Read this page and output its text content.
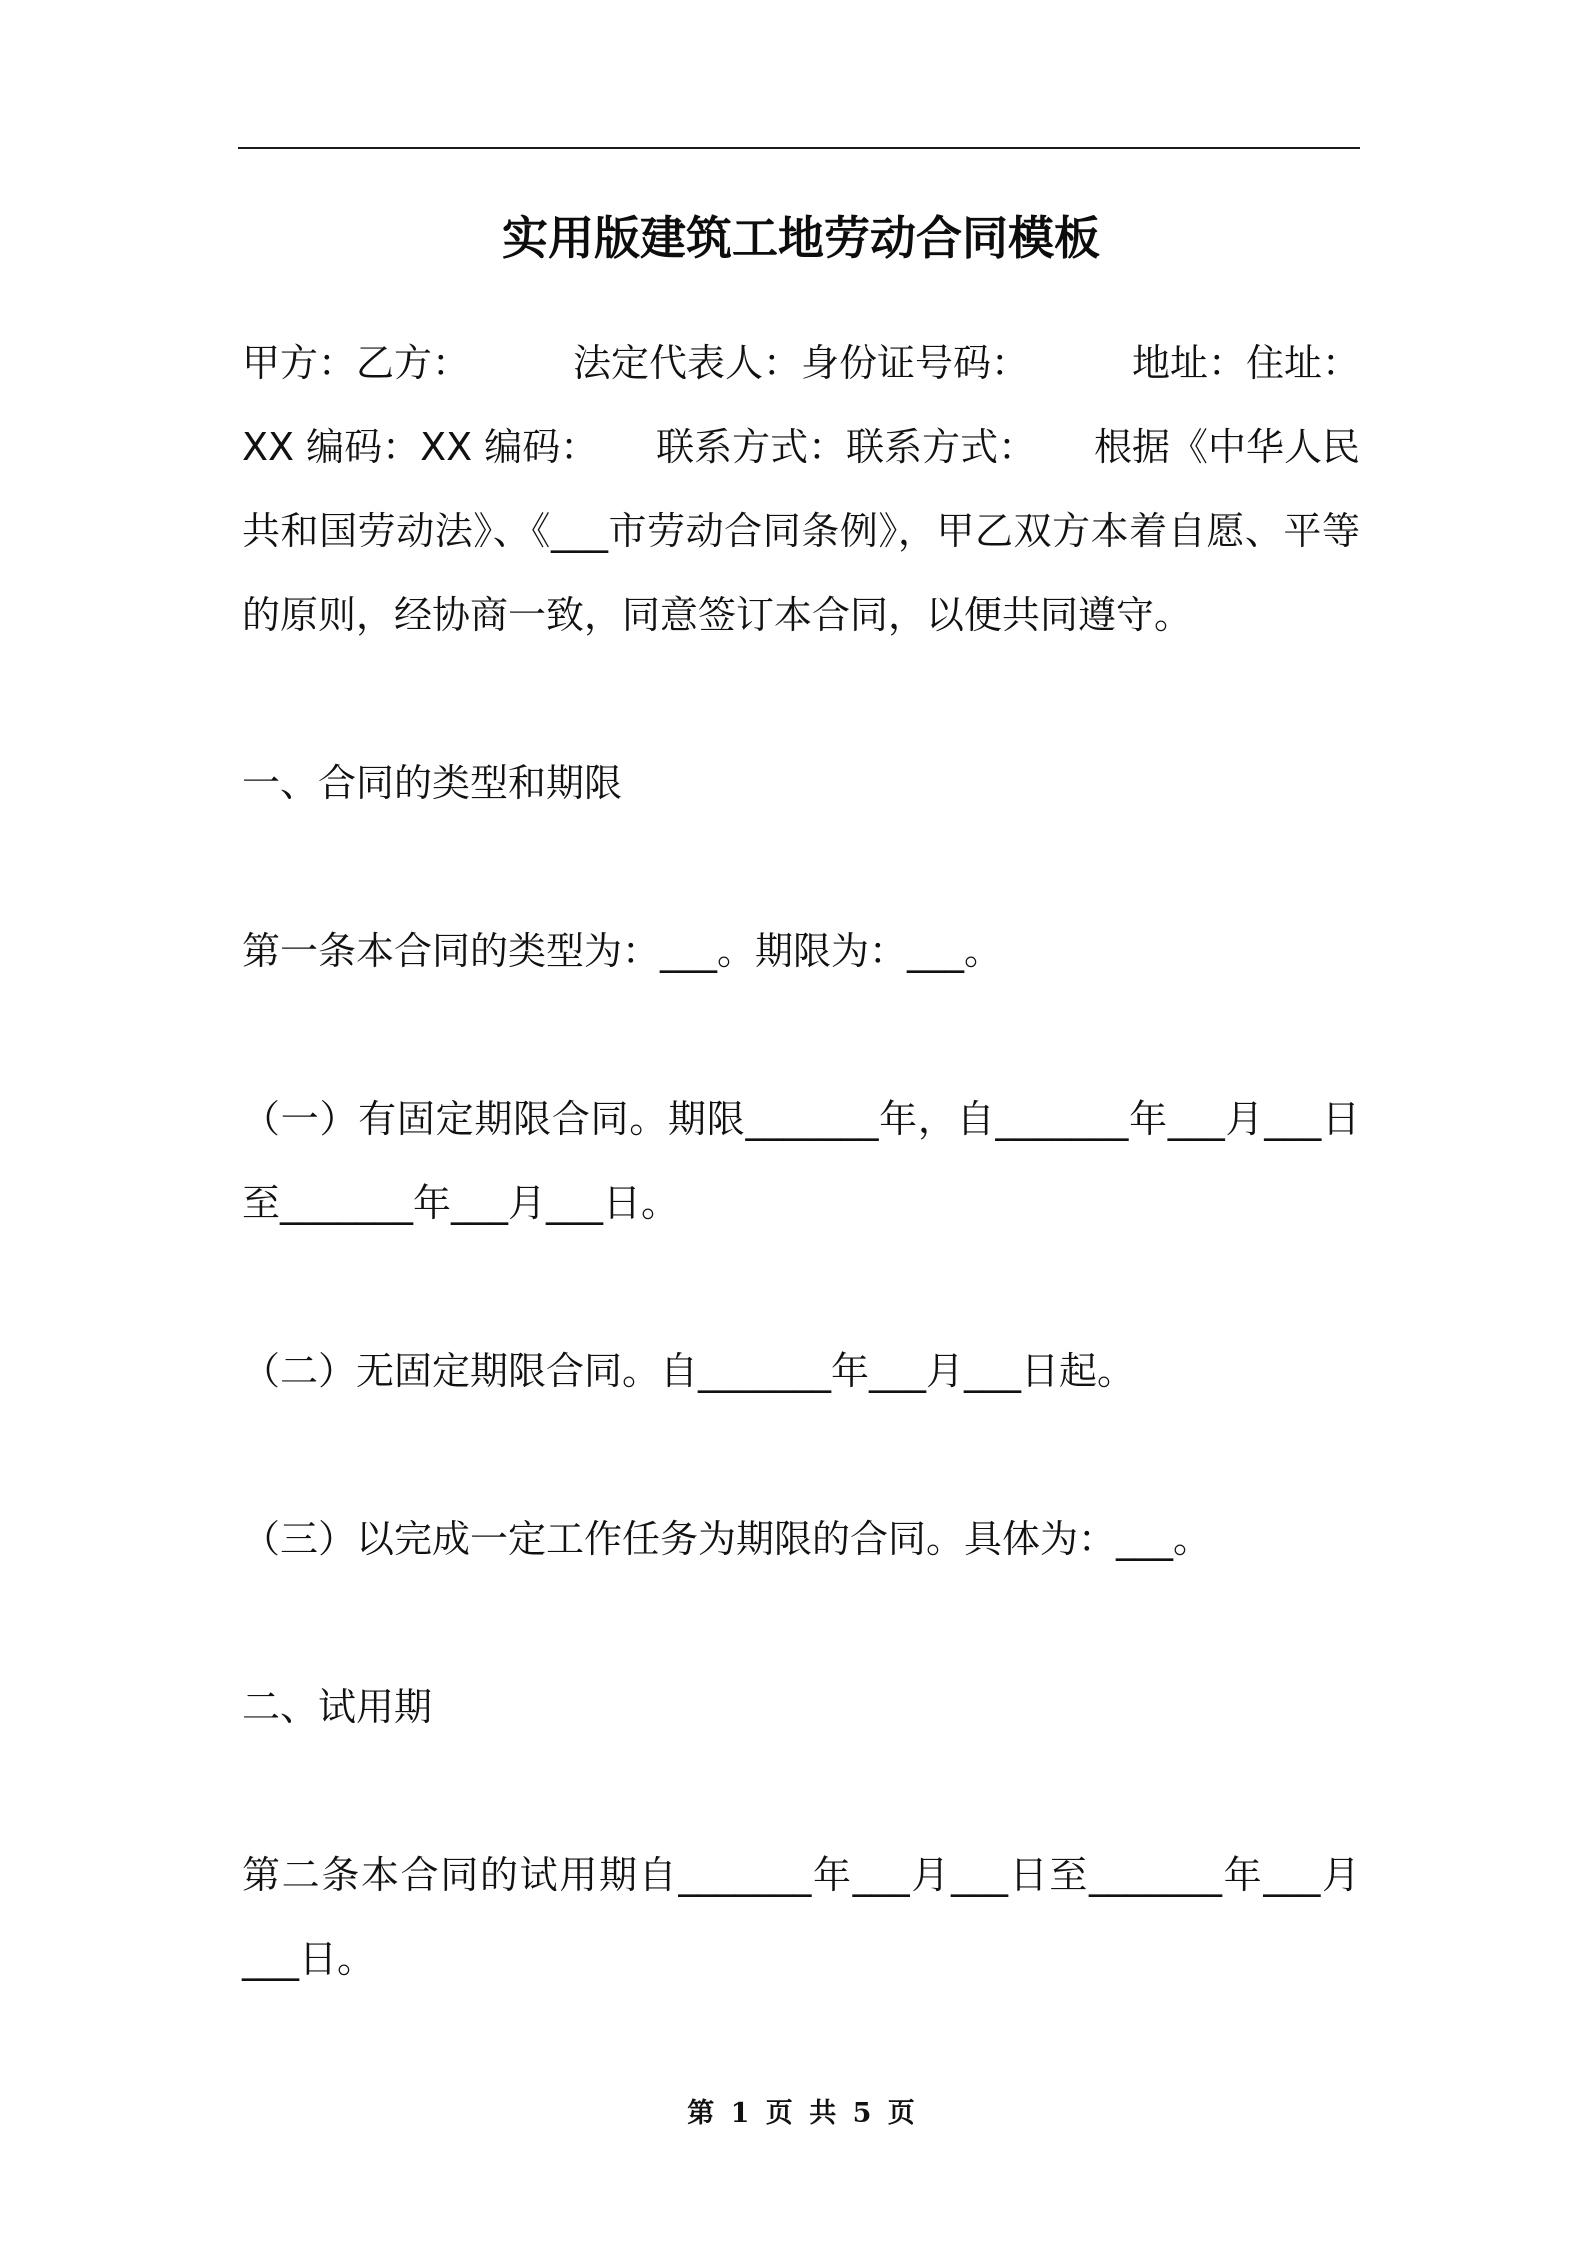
实用版建筑工地劳动合同模板
甲方：乙方：	法定代表人：身份证号码：	地址：住址：
XX 编码：XX 编码： 联系方式：联系方式： 根据《中华人民
共和国劳动法》、《___市劳动合同条例》，甲乙双方本着自愿、平等
的原则，经协商一致，同意签订本合同，以便共同遵守。
一、合同的类型和期限
第一条本合同的类型为：___。期限为：___。
（一）有固定期限合同。期限_______年，自_______年___月___日
至_______年___月___日。
（二）无固定期限合同。自_______年___月___日起。
（三）以完成一定工作任务为期限的合同。具体为：___。
二、试用期
第二条本合同的试用期自_______年___月___日至_______年___月
___日。
第 1 页 共 5 页
